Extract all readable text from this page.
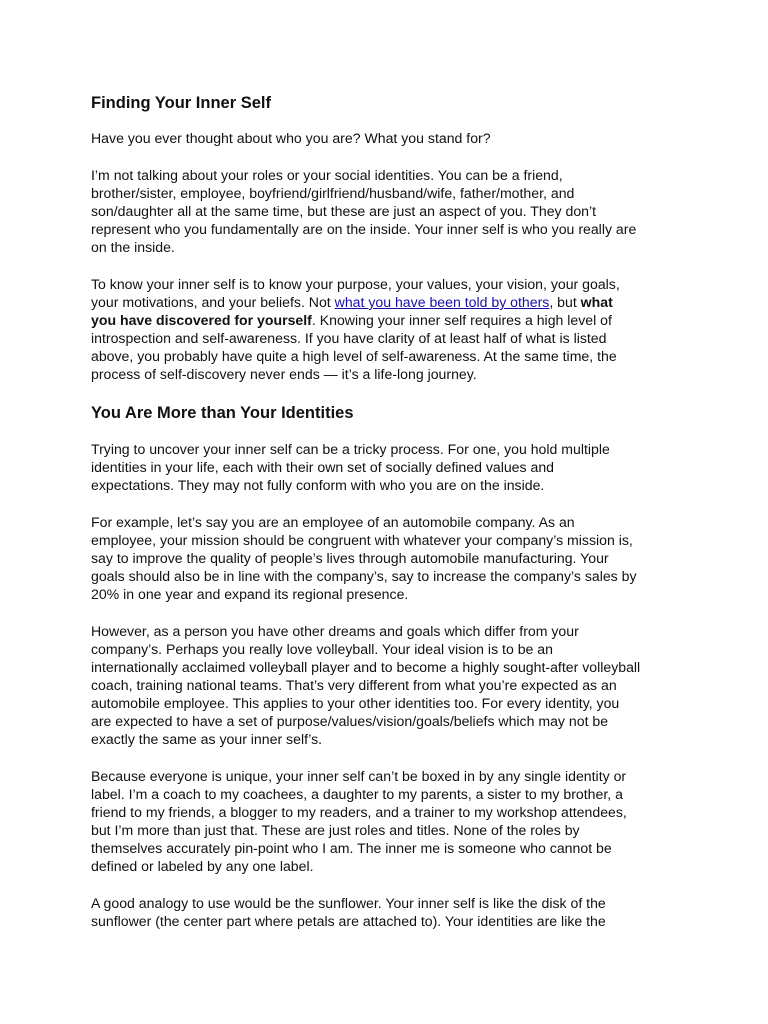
Finding Your Inner Self

Have you ever thought about who you are? What you stand for?

I’m not talking about your roles or your social identities. You can be a friend,
brother/sister, employee, boyfriend/girlfriend/husband/wife, father/mother, and
son/daughter all at the same time, but these are just an aspect of you. They don’t
represent who you fundamentally are on the inside. Your inner self is who you really are
on the inside.

To know your inner self is to know your purpose, your values, your vision, your goals,
your motivations, and your beliefs. Not what you have been told by others, but what
you have discovered for yourself. Knowing your inner self requires a high level of
introspection and self-awareness. If you have clarity of at least half of what is listed
above, you probably have quite a high level of self-awareness. At the same time, the
process of self-discovery never ends — it’s a life-long journey.

You Are More than Your Identities

Trying to uncover your inner self can be a tricky process. For one, you hold multiple
identities in your life, each with their own set of socially defined values and
expectations. They may not fully conform with who you are on the inside.

For example, let’s say you are an employee of an automobile company. As an
employee, your mission should be congruent with whatever your company’s mission is,
say to improve the quality of people’s lives through automobile manufacturing. Your
goals should also be in line with the company’s, say to increase the company’s sales by
20% in one year and expand its regional presence.

However, as a person you have other dreams and goals which differ from your
company’s. Perhaps you really love volleyball. Your ideal vision is to be an
internationally acclaimed volleyball player and to become a highly sought-after volleyball
coach, training national teams. That’s very different from what you’re expected as an
automobile employee. This applies to your other identities too. For every identity, you
are expected to have a set of purpose/values/vision/goals/beliefs which may not be
exactly the same as your inner self’s.

Because everyone is unique, your inner self can’t be boxed in by any single identity or
label. I’m a coach to my coachees, a daughter to my parents, a sister to my brother, a
friend to my friends, a blogger to my readers, and a trainer to my workshop attendees,
but I’m more than just that. These are just roles and titles. None of the roles by
themselves accurately pin-point who I am. The inner me is someone who cannot be
defined or labeled by any one label.

A good analogy to use would be the sunflower. Your inner self is like the disk of the
sunflower (the center part where petals are attached to). Your identities are like the
